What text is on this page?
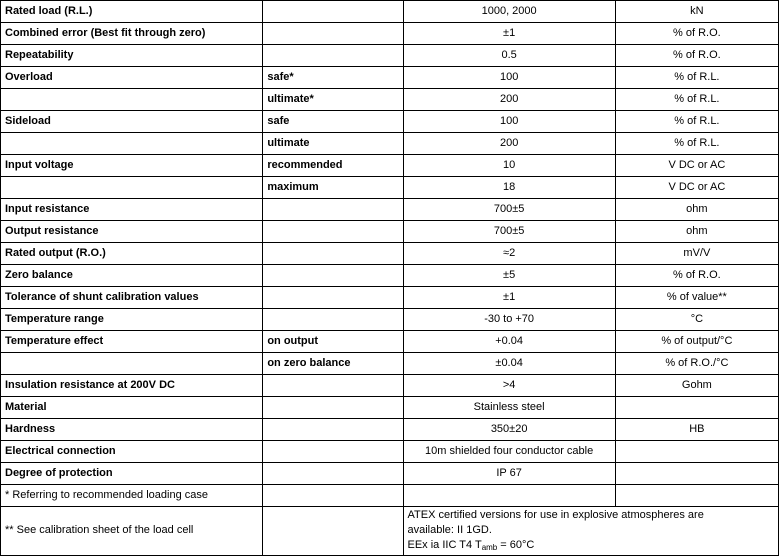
Rated load (R.L.)		1000, 2000	kN
Combined error (Best fit through zero)		±1	% of R.O.
Repeatability		0.5	% of R.O.
Overload	safe*	100	% of R.L.
	ultimate*	200	% of R.L.
Sideload	safe	100	% of R.L.
	ultimate	200	% of R.L.
Input voltage	recommended	10	V DC or AC
	maximum	18	V DC or AC
Input resistance		700±5	ohm
Output resistance		700±5	ohm
Rated output (R.O.)		≈2	mV/V
Zero balance		±5	% of R.O.
Tolerance of shunt calibration values		±1	% of value**
Temperature range		-30 to +70	°C
Temperature effect	on output	+0.04	% of output/°C
	on zero balance	±0.04	% of R.O./°C
Insulation resistance at 200V DC		>4	Gohm
Material		Stainless steel	
Hardness		350±20	HB
Electrical connection		10m shielded four conductor cable	
Degree of protection		IP 67	
* Referring to recommended loading case			
** See calibration sheet of the load cell		ATEX certified versions for use in explosive atmospheres are
available: II 1GD.
EEx ia IIC T4 $T_{amb} = 60^\circ C$	
